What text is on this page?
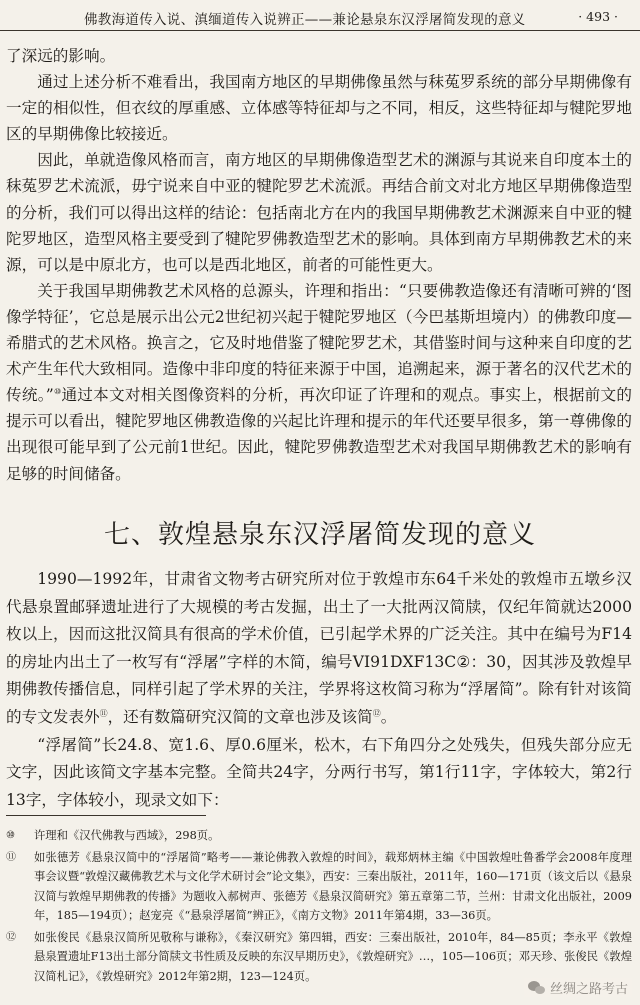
佛教海道传入说、滇缅道传入说辨正——兼论悬泉东汉浮屠简发现的意义	· 493 ·

了深远的影响。

通过上述分析不难看出，我国南方地区的早期佛像虽然与秣菟罗系统的部分早期佛像有一定的相似性，但衣纹的厚重感、立体感等特征却与之不同，相反，这些特征却与犍陀罗地区的早期佛像比较接近。

因此，单就造像风格而言，南方地区的早期佛像造型艺术的渊源与其说来自印度本土的秣菟罗艺术流派，毋宁说来自中亚的犍陀罗艺术流派。再结合前文对北方地区早期佛像造型的分析，我们可以得出这样的结论：包括南北方在内的我国早期佛教艺术渊源来自中亚的犍陀罗地区，造型风格主要受到了犍陀罗佛教造型艺术的影响。具体到南方早期佛教艺术的来源，可以是中原北方，也可以是西北地区，前者的可能性更大。

关于我国早期佛教艺术风格的总源头，许理和指出：“只要佛教造像还有清晰可辨的‘图像学特征’，它总是展示出公元2世纪初兴起于犍陀罗地区（今巴基斯坦境内）的佛教印度—希腊式的艺术风格。换言之，它及时地借鉴了犍陀罗艺术，其借鉴时间与这种来自印度的艺术产生年代大致相同。造像中非印度的特征来源于中国，追溯起来，源于著名的汉代艺术的传统。”⑩通过本文对相关图像资料的分析，再次印证了许理和的观点。事实上，根据前文的提示可以看出，犍陀罗地区佛教造像的兴起比许理和提示的年代还要早很多，第一尊佛像的出现很可能早到了公元前1世纪。因此，犍陀罗佛教造型艺术对我国早期佛教艺术的影响有足够的时间储备。

七、敦煌悬泉东汉浮屠简发现的意义

1990—1992年，甘肃省文物考古研究所对位于敦煌市东64千米处的敦煌市五墩乡汉代悬泉置邮驿遗址进行了大规模的考古发掘，出土了一大批两汉简牍，仅纪年简就达2000枚以上，因而这批汉简具有很高的学术价值，已引起学术界的广泛关注。其中在编号为F14的房址内出土了一枚写有“浮屠”字样的木简，编号VI91DXF13C②：30，因其涉及敦煌早期佛教传播信息，同样引起了学术界的关注，学界将这枚简习称为“浮屠简”。除有针对该简的专文发表外⑪，还有数篇研究汉简的文章也涉及该简⑫。

“浮屠简”长24.8、宽1.6、厚0.6厘米，松木，右下角四分之处残失，但残失部分应无文字，因此该简文字基本完整。全简共24字，分两行书写，第1行11字，字体较大，第2行13字，字体较小，现录文如下：

⑩	许理和《汉代佛教与西域》，298页。
⑪	如张德芳《悬泉汉简中的“浮屠简”略考——兼论佛教入敦煌的时间》，载郑炳林主编《中国敦煌吐鲁番学会2008年度理事会议暨“敦煌汉藏佛教艺术与文化学术研讨会”论文集》，西安：三秦出版社，2011年，160—171页（该文后以《悬泉汉简与敦煌早期佛教的传播》为题收入郝树声、张德芳《悬泉汉简研究》第五章第二节，兰州：甘肃文化出版社，2009年，185—194页）；赵宠亮《“悬泉浮屠简”辨正》，《南方文物》2011年第4期，33—36页。
⑫	如张俊民《悬泉汉简所见敬称与谦称》，《秦汉研究》第四辑，西安：三秦出版社，2010年，84—85页；李永平《敦煌悬泉置遗址F13出土部分简牍文书性质及反映的东汉早期历史》，《敦煌研究》…，105—106页；邓天珍、张俊民《敦煌汉简札记》，《敦煌研究》2012年第2期，123—124页。
丝绸之路考古
